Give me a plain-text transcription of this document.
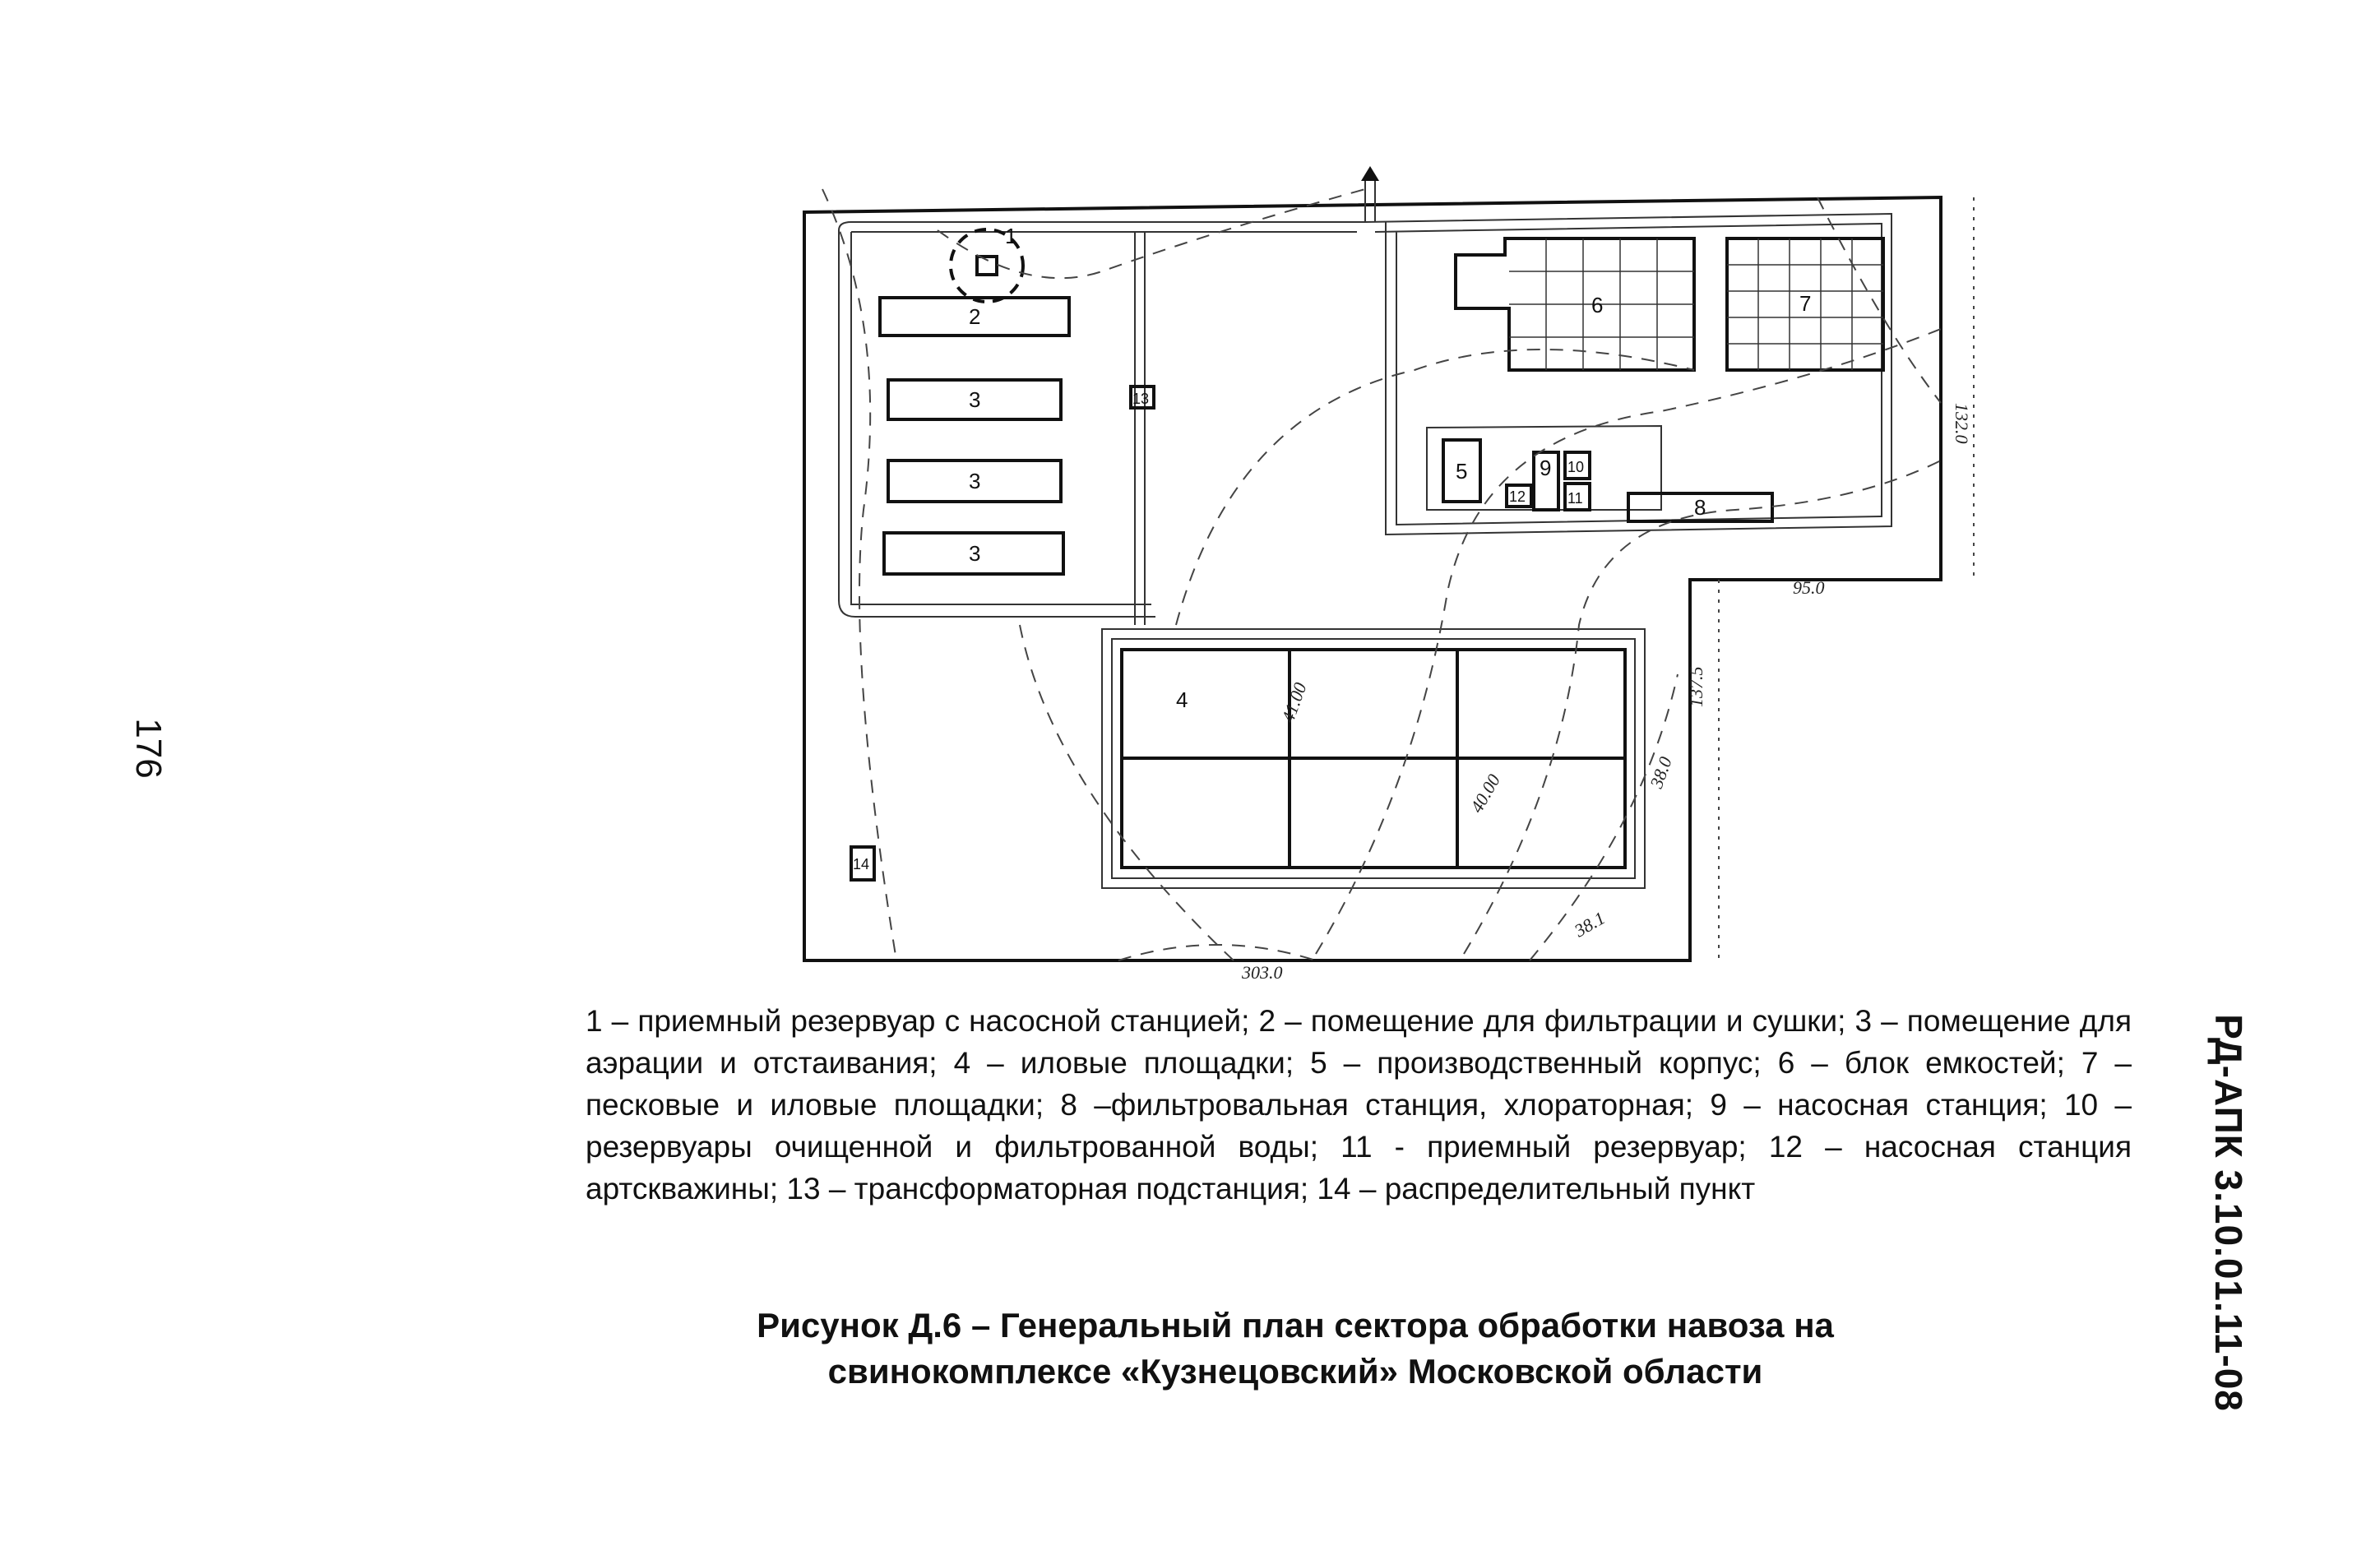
176
РД-АПК 3.10.01.11-08
1
2
3
3
3
4
5
6	7
8
9 10
11
12
13
14
132.0
95.0
137.5
38.0
40.00
41.00
303.0
38.1
1 – приемный резервуар с насосной станцией; 2 – помещение для фильтрации и сушки; 3 – помещение для аэрации и отстаивания; 4 – иловые площадки; 5 – производственный корпус; 6 – блок емкостей; 7 – песковые и иловые площадки; 8 –фильтровальная станция, хлораторная; 9 – насосная станция; 10 – резервуары очищенной и фильтрованной воды; 11 - приемный резервуар; 12 – насосная станция артскважины; 13 – трансформаторная подстанция; 14 – распределительный пункт
Рисунок Д.6 – Генеральный план сектора обработки навоза на
свинокомплексе «Кузнецовский» Московской области
